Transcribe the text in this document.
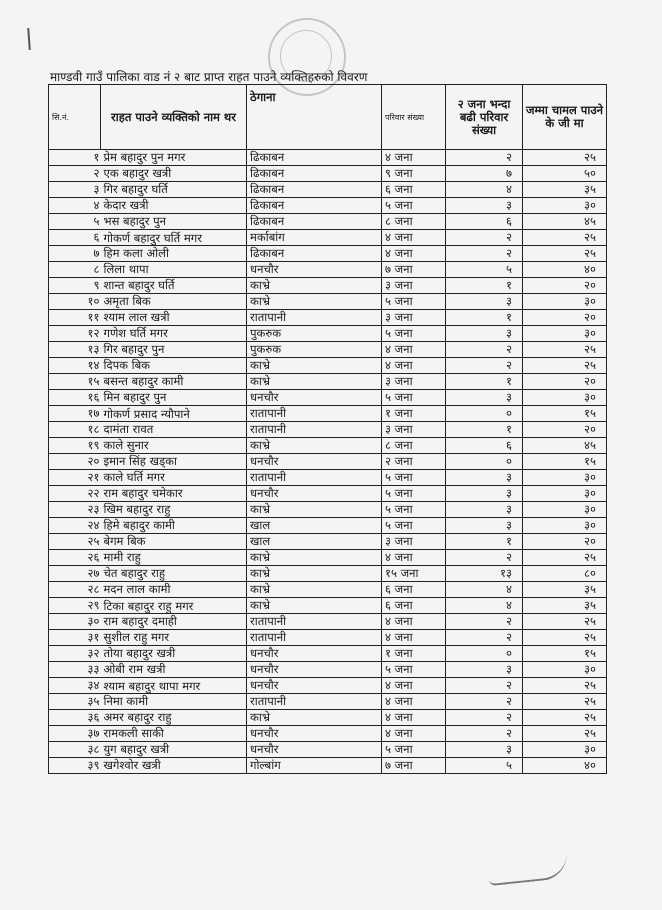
माण्डवी गाउँ पालिका वाड नं २ बाट प्राप्त राहत पाउने व्यक्तिहरुको विवरण
सि.नं.	राहत पाउने व्यक्तिको नाम थर	ठेगाना	परिवार संख्या	२ जना भन्दा बढी परिवार संख्या	जम्मा चामल पाउने के जी मा
१	प्रेम बहादुर पुन मगर	ढिकाबन	४ जना	२	२५
२	एक बहादुर खत्री	ढिकाबन	९ जना	७	५०
३	गिर बहादुर घर्ति	ढिकाबन	६ जना	४	३५
४	केदार खत्री	ढिकाबन	५ जना	३	३०
५	भस बहादुर पुन	ढिकाबन	८ जना	६	४५
६	गोकर्ण बहादुर घर्ति मगर	मर्काबांग	४ जना	२	२५
७	हिम कला ओली	ढिकाबन	४ जना	२	२५
८	लिला थापा	धनचौर	७ जना	५	४०
९	शान्त बहादुर घर्ति	काभ्रे	३ जना	१	२०
१०	अमृता बिक	काभ्रे	५ जना	३	३०
११	श्याम लाल खत्री	रातापानी	३ जना	१	२०
१२	गणेश घर्ति मगर	पुकरुक	५ जना	३	३०
१३	गिर बहादुर पुन	पुकरुक	४ जना	२	२५
१४	दिपक बिक	काभ्रे	४ जना	२	२५
१५	बसन्त बहादुर कामी	काभ्रे	३ जना	१	२०
१६	मिन बहादुर पुन	धनचौर	५ जना	३	३०
१७	गोकर्ण प्रसाद न्यौपाने	रातापानी	१ जना	०	१५
१८	दामंता रावत	रातापानी	३ जना	१	२०
१९	काले सुनार	काभ्रे	८ जना	६	४५
२०	इमान सिंह खड्का	धनचौर	२ जना	०	१५
२१	काले घर्ति मगर	रातापानी	५ जना	३	३०
२२	राम बहादुर चमेकार	धनचौर	५ जना	३	३०
२३	खिम बहादुर राहु	काभ्रे	५ जना	३	३०
२४	हिमे बहादुर कामी	खाल	५ जना	३	३०
२५	बेगम बिक	खाल	३ जना	१	२०
२६	मामी राहु	काभ्रे	४ जना	२	२५
२७	चेत बहादुर राहु	काभ्रे	१५ जना	१३	८०
२८	मदन लाल कामी	काभ्रे	६ जना	४	३५
२९	टिका बहादुर राहु मगर	काभ्रे	६ जना	४	३५
३०	राम बहादुर दमाही	रातापानी	४ जना	२	२५
३१	सुशील राहु मगर	रातापानी	४ जना	२	२५
३२	तोया बहादुर खत्री	धनचौर	१ जना	०	१५
३३	ओबी राम खत्री	धनचौर	५ जना	३	३०
३४	श्याम बहादुर थापा मगर	धनचौर	४ जना	२	२५
३५	निमा कामी	रातापानी	४ जना	२	२५
३६	अमर बहादुर राहु	काभ्रे	४ जना	२	२५
३७	रामकली साकी	धनचौर	४ जना	२	२५
३८	युग बहादुर खत्री	धनचौर	५ जना	३	३०
३९	खगेश्वोर खत्री	गोल्बांग	७ जना	५	४०
